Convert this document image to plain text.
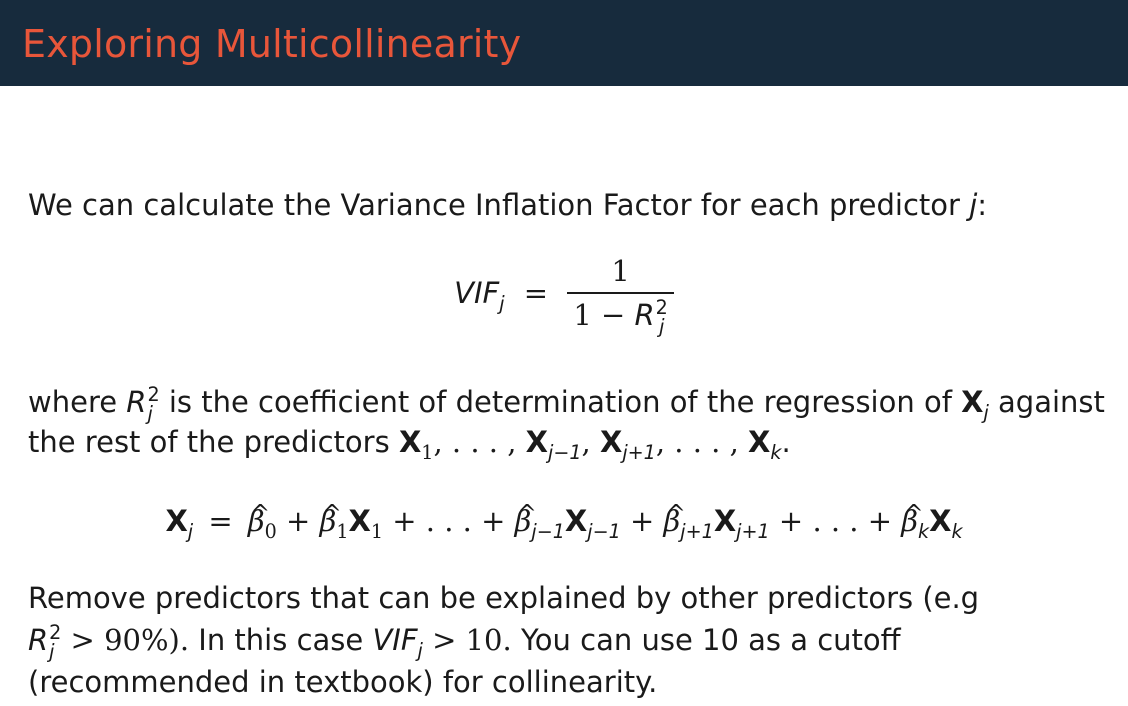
Exploring Multicollinearity
We can calculate the Variance Inflation Factor for each predictor j:
$VIF_j = 1$
1 − R 2
j
where R 2
j is the coefficient of determination of the regression of $X_j$ against
the rest of the predictors $X_1$, . . . , $X_{j-1}$, $X_{j+1}$, . . . , $X_k$.
$X_j$ = ^ $\beta_0$ + ^ $\beta_1X_1$ + . . . + ^ $\beta_{j-1}X_{j-1}$ + ^ $\beta_{j+1}X_{j+1}$ + . . . + ^ $\beta_kX_k$
Remove predictors that can be explained by other predictors (e.g
R 2
j > 90%). In this case $VIF_j > 10$. You can use 10 as a cutoff
(recommended in textbook) for collinearity.
